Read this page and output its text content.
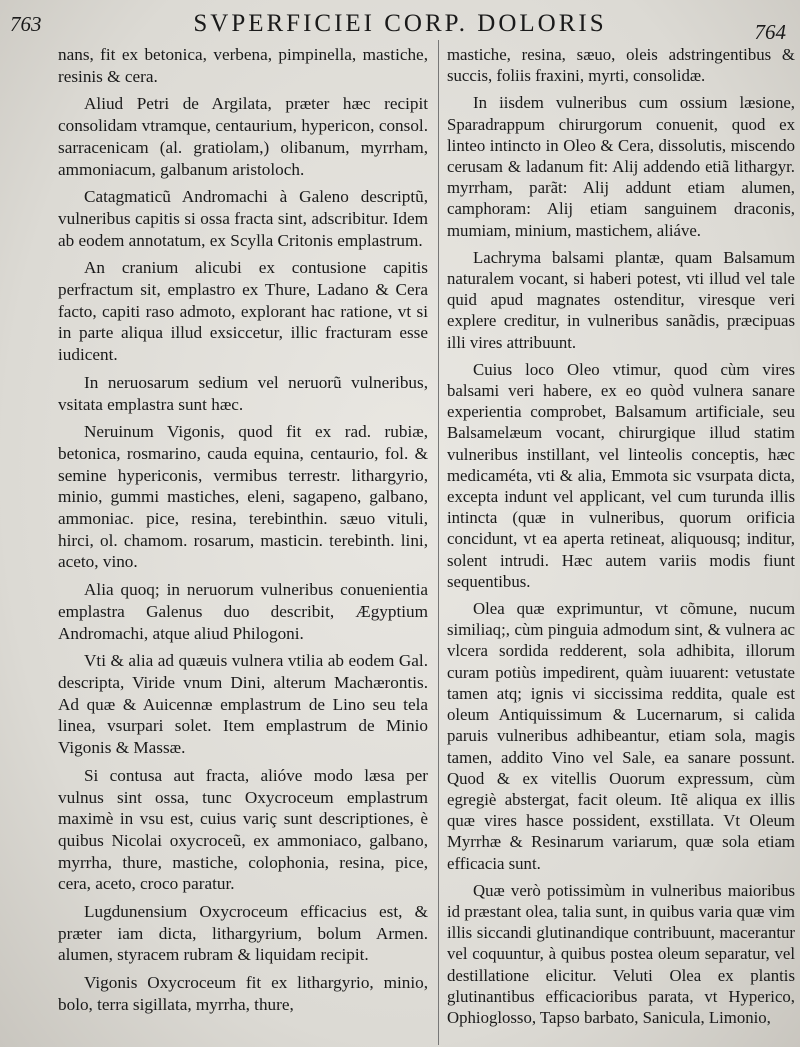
763	SVPERFICIEI CORP. DOLORIS	764

nans, fit ex betonica, verbena, pimpinella, mastiche, resinis & cera.

Aliud Petri de Argilata, præter hæc recipit consolidam vtramque, centaurium, hypericon, consol. sarracenicam (al. gratiolam,) olibanum, myrrham, ammoniacum, galbanum aristoloch.

Catagmaticũ Andromachi à Galeno descriptũ, vulneribus capitis si ossa fracta sint, adscribitur. Idem ab eodem annotatum, ex Scylla Critonis emplastrum.

An cranium alicubi ex contusione capitis perfractum sit, emplastro ex Thure, Ladano & Cera facto, capiti raso admoto, explorant hac ratione, vt si in parte aliqua illud exsiccetur, illic fracturam esse iudicent.

In neruosarum sedium vel neruorũ vulneribus, vsitata emplastra sunt hæc.

Neruinum Vigonis, quod fit ex rad. rubiæ, betonica, rosmarino, cauda equina, centaurio, fol. & semine hypericonis, vermibus terrestr. lithargyrio, minio, gummi mastiches, eleni, sagapeno, galbano, ammoniac. pice, resina, terebinthin. sæuo vituli, hirci, ol. chamom. rosarum, masticin. terebinth. lini, aceto, vino.

Alia quoq; in neruorum vulneribus conuenientia emplastra Galenus duo describit, Ægyptium Andromachi, atque aliud Philogoni.

Vti & alia ad quæuis vulnera vtilia ab eodem Gal. descripta, Viride vnum Dini, alterum Machærontis. Ad quæ & Auicennæ emplastrum de Lino seu tela linea, vsurpari solet. Item emplastrum de Minio Vigonis & Massæ.

Si contusa aut fracta, alióve modo læsa per vulnus sint ossa, tunc Oxycroceum emplastrum maximè in vsu est, cuius variç sunt descriptiones, è quibus Nicolai oxycroceũ, ex ammoniaco, galbano, myrrha, thure, mastiche, colophonia, resina, pice, cera, aceto, croco paratur.

Lugdunensium Oxycroceum efficacius est, & præter iam dicta, lithargyrium, bolum Armen. alumen, styracem rubram & liquidam recipit.

Vigonis Oxycroceum fit ex lithargyrio, minio, bolo, terra sigillata, myrrha, thure,

mastiche, resina, sæuo, oleis adstringentibus & succis, foliis fraxini, myrti, consolidæ.

In iisdem vulneribus cum ossium læsione, Sparadrappum chirurgorum conuenit, quod ex linteo intincto in Oleo & Cera, dissolutis, miscendo cerusam & ladanum fit: Alij addendo etiã lithargyr. myrrham, parãt: Alij addunt etiam alumen, camphoram: Alij etiam sanguinem draconis, mumiam, minium, mastichem, aliáve.

Lachryma balsami plantæ, quam Balsamum naturalem vocant, si haberi potest, vti illud vel tale quid apud magnates ostenditur, viresque veri explere creditur, in vulneribus sanãdis, præcipuas illi vires attribuunt.

Cuius loco Oleo vtimur, quod cùm vires balsami veri habere, ex eo quòd vulnera sanare experientia comprobet, Balsamum artificiale, seu Balsamelæum vocant, chirurgique illud statim vulneribus instillant, vel linteolis conceptis, hæc medicaméta, vti & alia, Emmota sic vsurpata dicta, excepta indunt vel applicant, vel cum turunda illis intincta (quæ in vulneribus, quorum orificia concidunt, vt ea aperta retineat, aliquousq; inditur, solent intrudi. Hæc autem variis modis fiunt sequentibus.

Olea quæ exprimuntur, vt cõmune, nucum similiaq;, cùm pinguia admodum sint, & vulnera ac vlcera sordida redderent, sola adhibita, illorum curam potiùs impedirent, quàm iuuarent: vetustate tamen atq; ignis vi siccissima reddita, quale est oleum Antiquissimum & Lucernarum, si calida paruis vulneribus adhibeantur, etiam sola, magis tamen, addito Vino vel Sale, ea sanare possunt. Quod & ex vitellis Ouorum expressum, cùm egregiè abstergat, facit oleum. Itẽ aliqua ex illis quæ vires hasce possident, exstillata. Vt Oleum Myrrhæ & Resinarum variarum, quæ sola etiam efficacia sunt.

Quæ verò potissimùm in vulneribus maioribus id præstant olea, talia sunt, in quibus varia quæ vim illis siccandi glutinandique contribuunt, macerantur vel coquuntur, à quibus postea oleum separatur, vel destillatione elicitur. Veluti Olea ex plantis glutinantibus efficacioribus parata, vt Hyperico, Ophioglosso, Tapso barbato, Sanicula, Limonio,
